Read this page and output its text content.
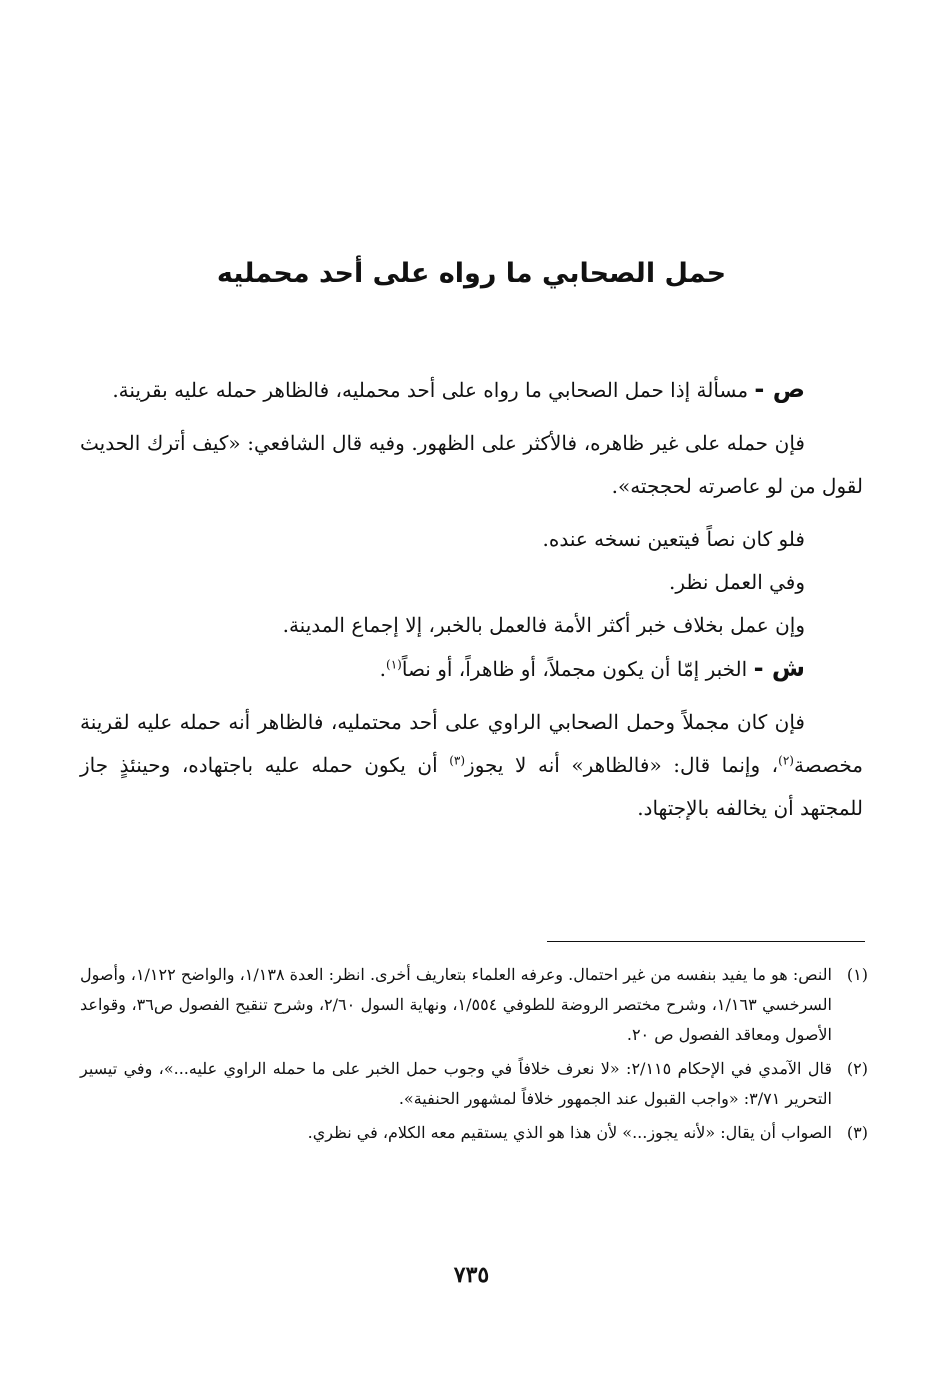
حمل الصحابي ما رواه على أحد محمليه

ص - مسألة إذا حمل الصحابي ما رواه على أحد محمليه، فالظاهر حمله عليه بقرينة.

فإن حمله على غير ظاهره، فالأكثر على الظهور. وفيه قال الشافعي: «كيف أترك الحديث لقول من لو عاصرته لحججته».

فلو كان نصاً فيتعين نسخه عنده.

وفي العمل نظر.

وإن عمل بخلاف خبر أكثر الأمة فالعمل بالخبر، إلا إجماع المدينة.

ش - الخبر إمّا أن يكون مجملاً، أو ظاهراً، أو نصاً$^{(١)}$.

فإن كان مجملاً وحمل الصحابي الراوي على أحد محتمليه، فالظاهر أنه حمله عليه لقرينة مخصصة$^{(٢)}$، وإنما قال: «فالظاهر» أنه لا يجوز$^{(٣)}$ أن يكون حمله عليه باجتهاده، وحينئذٍ جاز للمجتهد أن يخالفه بالإجتهاد.

(١)
النص: هو ما يفيد بنفسه من غير احتمال. وعرفه العلماء بتعاريف أخرى. انظر: العدة ١/١٣٨، والواضح ١/١٢٢، وأصول السرخسي ١/١٦٣، وشرح مختصر الروضة للطوفي ١/٥٥٤، ونهاية السول ٢/٦٠، وشرح تنقيح الفصول ص٣٦، وقواعد الأصول ومعاقد الفصول ص ٢٠.
(٢)
قال الآمدي في الإحكام ٢/١١٥: «لا نعرف خلافاً في وجوب حمل الخبر على ما حمله الراوي عليه...»، وفي تيسير التحرير ٣/٧١: «واجب القبول عند الجمهور خلافاً لمشهور الحنفية».
(٣)
الصواب أن يقال: «لأنه يجوز...» لأن هذا هو الذي يستقيم معه الكلام، في نظري.
٧٣٥
